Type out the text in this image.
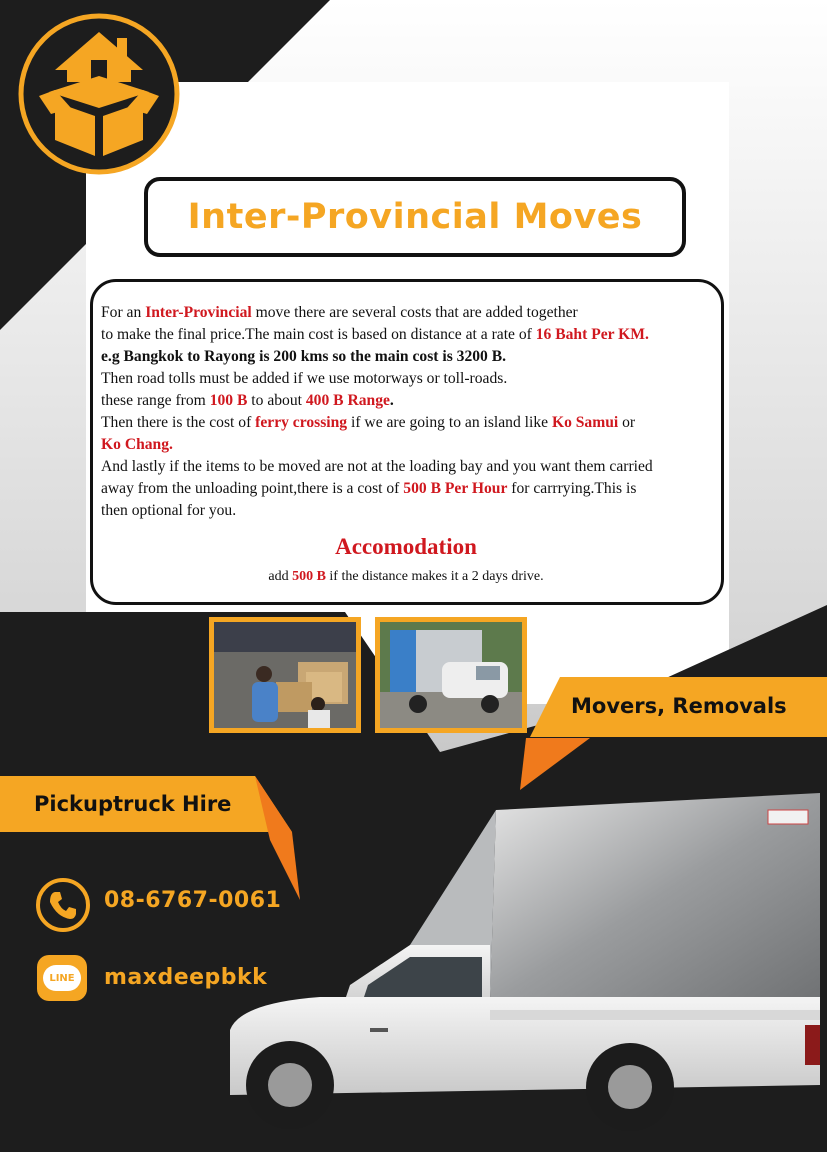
Inter-Provincial Moves

For an Inter-Provincial move there are several costs that are added together

to make the final price.The main cost is based on distance at a rate of 16 Baht Per KM.

e.g Bangkok to Rayong is 200 kms so the main cost is 3200 B.

Then road tolls must be added if we use motorways or toll-roads.

these range from 100 B to about 400 B Range.

Then there is the cost of ferry crossing if we are going to an island like Ko Samui or

Ko Chang.

And lastly if the items to be moved are not at the loading bay and you want them carried

away from the unloading point,there is a cost of 500 B Per Hour for carrrying.This is

then optional for you.

Accomodation

add 500 B if the distance makes it a 2 days drive.

Movers, Removals
Pickuptruck Hire
08-6767-0061
LINE maxdeepbkk
